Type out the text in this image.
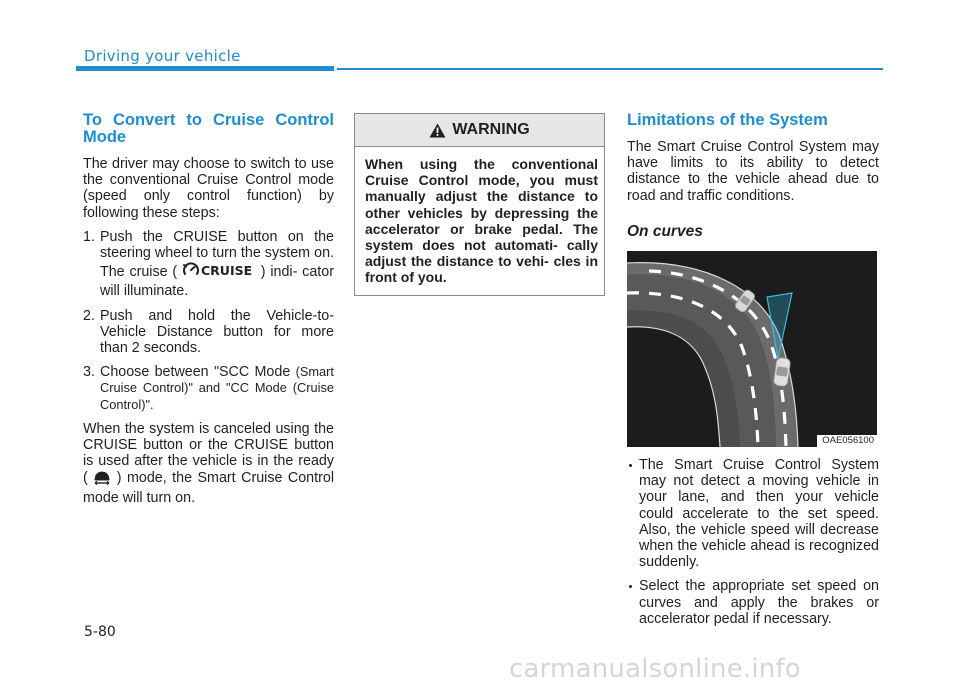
Driving your vehicle
To Convert to Cruise Control Mode

The driver may choose to switch to use the conventional Cruise Control mode (speed only control function) by following these steps:

1. Push the CRUISE button on the steering wheel to turn the system on. The cruise ( CRUISE ) indi- cator will illuminate.
2. Push and hold the Vehicle-to- Vehicle Distance button for more than 2 seconds.
3. Choose between "SCC Mode (Smart Cruise Control)" and "CC Mode (Cruise Control)".

When the system is canceled using the CRUISE button or the CRUISE button is used after the vehicle is in the ready ( ) mode, the Smart Cruise Control mode will turn on.

WARNING
When using the conventional Cruise Control mode, you must manually adjust the distance to other vehicles by depressing the accelerator or brake pedal. The system does not automati- cally adjust the distance to vehi- cles in front of you.
Limitations of the System

The Smart Cruise Control System may have limits to its ability to detect distance to the vehicle ahead due to road and traffic conditions.

On curves
OAE056100
The Smart Cruise Control System may not detect a moving vehicle in your lane, and then your vehicle could accelerate to the set speed. Also, the vehicle speed will decrease when the vehicle ahead is recognized suddenly.
Select the appropriate set speed on curves and apply the brakes or accelerator pedal if necessary.
5-80
carmanualsonline.info
